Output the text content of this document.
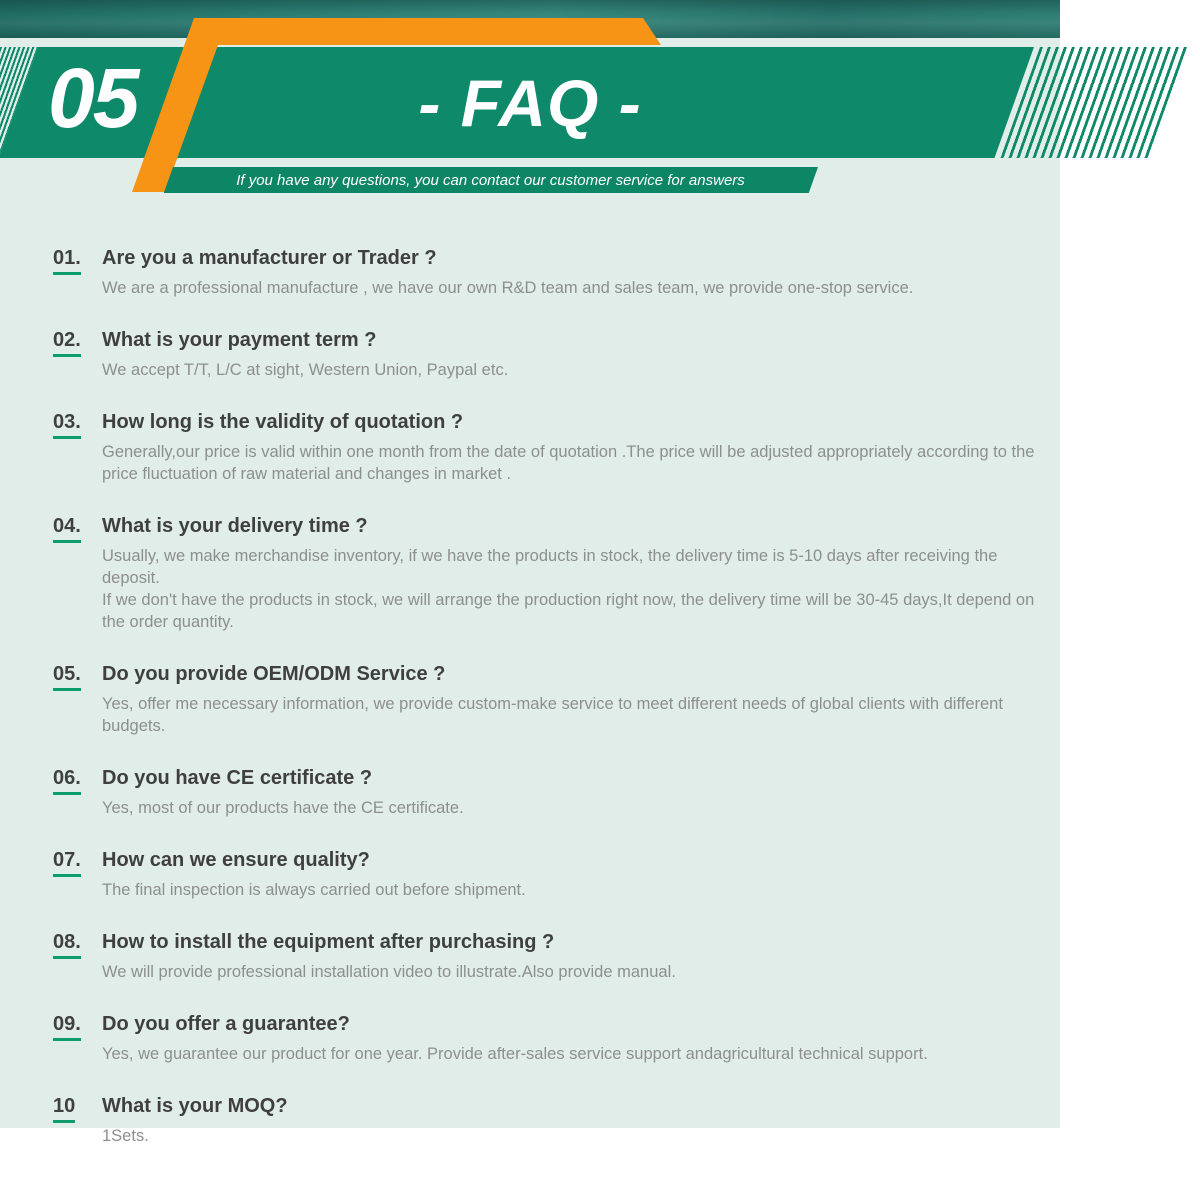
05	- FAQ -
If you have any questions, you can contact our customer service for answers
01.	Are you a manufacturer or Trader ?
We are a professional manufacture , we have our own R&D team and sales team, we provide one-stop service.
02.	What is your payment term ?
We accept T/T, L/C at sight, Western Union, Paypal etc.
03.	How long is the validity of quotation ?
Generally,our price is valid within one month from the date of quotation .The price will be adjusted appropriately according to the price fluctuation of raw material and changes in market .
04.	What is your delivery time ?
Usually, we make merchandise inventory, if we have the products in stock, the delivery time is 5-10 days after receiving the deposit.
If we don't have the products in stock, we will arrange the production right now, the delivery time will be 30-45 days,It depend on the order quantity.
05.	Do you provide OEM/ODM Service ?
Yes, offer me necessary information, we provide custom-make service to meet different needs of global clients with different budgets.
06.	Do you have CE certificate ?
Yes, most of our products have the CE certificate.
07.	How can we ensure quality?
The final inspection is always carried out before shipment.
08.	How to install the equipment after purchasing ?
We will provide professional installation video to illustrate.Also provide manual.
09.	Do you offer a guarantee?
Yes, we guarantee our product for one year. Provide after-sales service support andagricultural technical support.
10	What is your MOQ?
1Sets.
